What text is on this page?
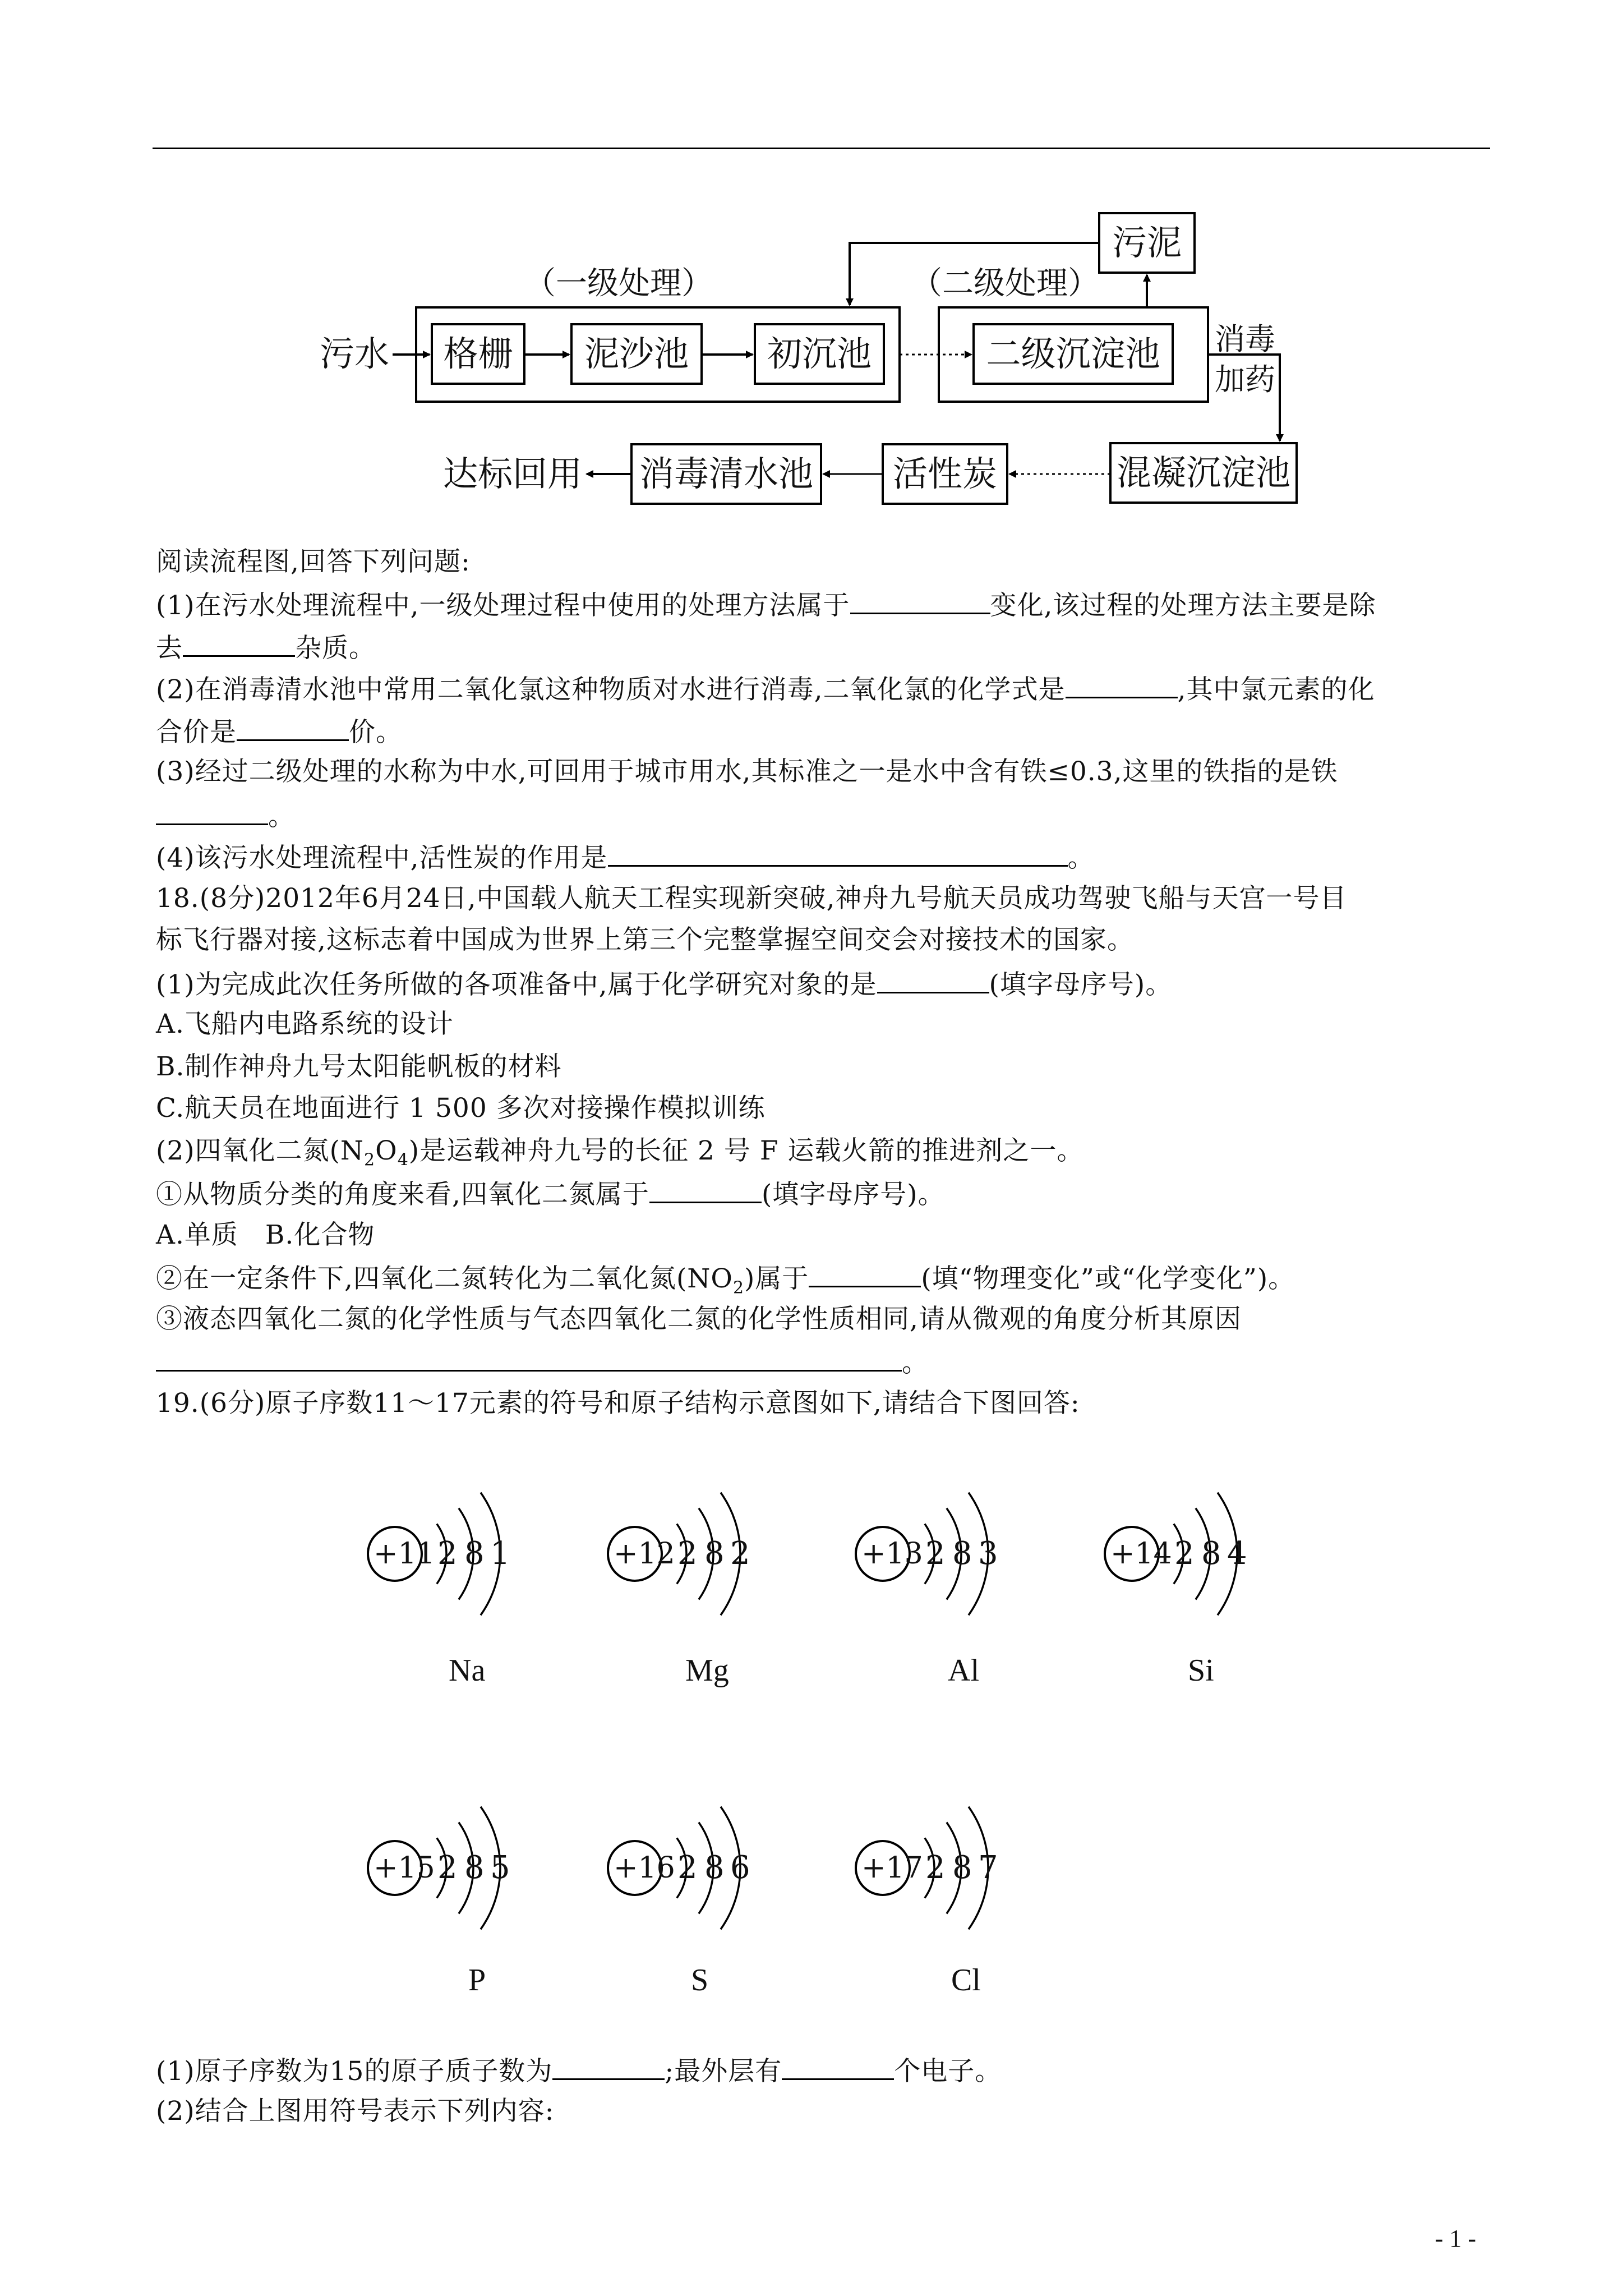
污水
（一级处理）	（二级处理）
格栅	泥沙池	初沉池	二级沉淀池
污泥
消毒
加药
混凝沉淀池
活性炭
消毒清水池
达标回用
阅读流程图,回答下列问题:
(1)在污水处理流程中,一级处理过程中使用的处理方法属于	变化,该过程的处理方法主要是除
去	杂质。
(2)在消毒清水池中常用二氧化氯这种物质对水进行消毒,二氧化氯的化学式是	,其中氯元素的化
合价是	价。
(3)经过二级处理的水称为中水,可回用于城市用水,其标准之一是水中含有铁≤0.3,这里的铁指的是铁
。
(4)该污水处理流程中,活性炭的作用是	。
18.(8分)2012年6月24日,中国载人航天工程实现新突破,神舟九号航天员成功驾驶飞船与天宫一号目
标飞行器对接,这标志着中国成为世界上第三个完整掌握空间交会对接技术的国家。
(1)为完成此次任务所做的各项准备中,属于化学研究对象的是	(填字母序号)。
A.飞船内电路系统的设计
B.制作神舟九号太阳能帆板的材料
C.航天员在地面进行 1 500 多次对接操作模拟训练
(2)四氧化二氮$(N_2O_4)$是运载神舟九号的长征 2 号 F 运载火箭的推进剂之一。
①从物质分类的角度来看,四氧化二氮属于	(填字母序号)。
A.单质　B.化合物
②在一定条件下,四氧化二氮转化为二氧化氮$(NO_2)$属于	(填“物理变化”或“化学变化”)。
③液态四氧化二氮的化学性质与气态四氧化二氮的化学性质相同,请从微观的角度分析其原因
。
19.(6分)原子序数11～17元素的符号和原子结构示意图如下,请结合下图回答:
+11 2 8 1
Na
+12 2 8 2
Mg
+13 2 8 3
Al
+14 2 8 4
Si
+15 2 8 5
P
+16 2 8 6
S
+17 2 8 7
Cl
(1)原子序数为15的原子质子数为	;最外层有	个电子。
(2)结合上图用符号表示下列内容:
- 1 -
